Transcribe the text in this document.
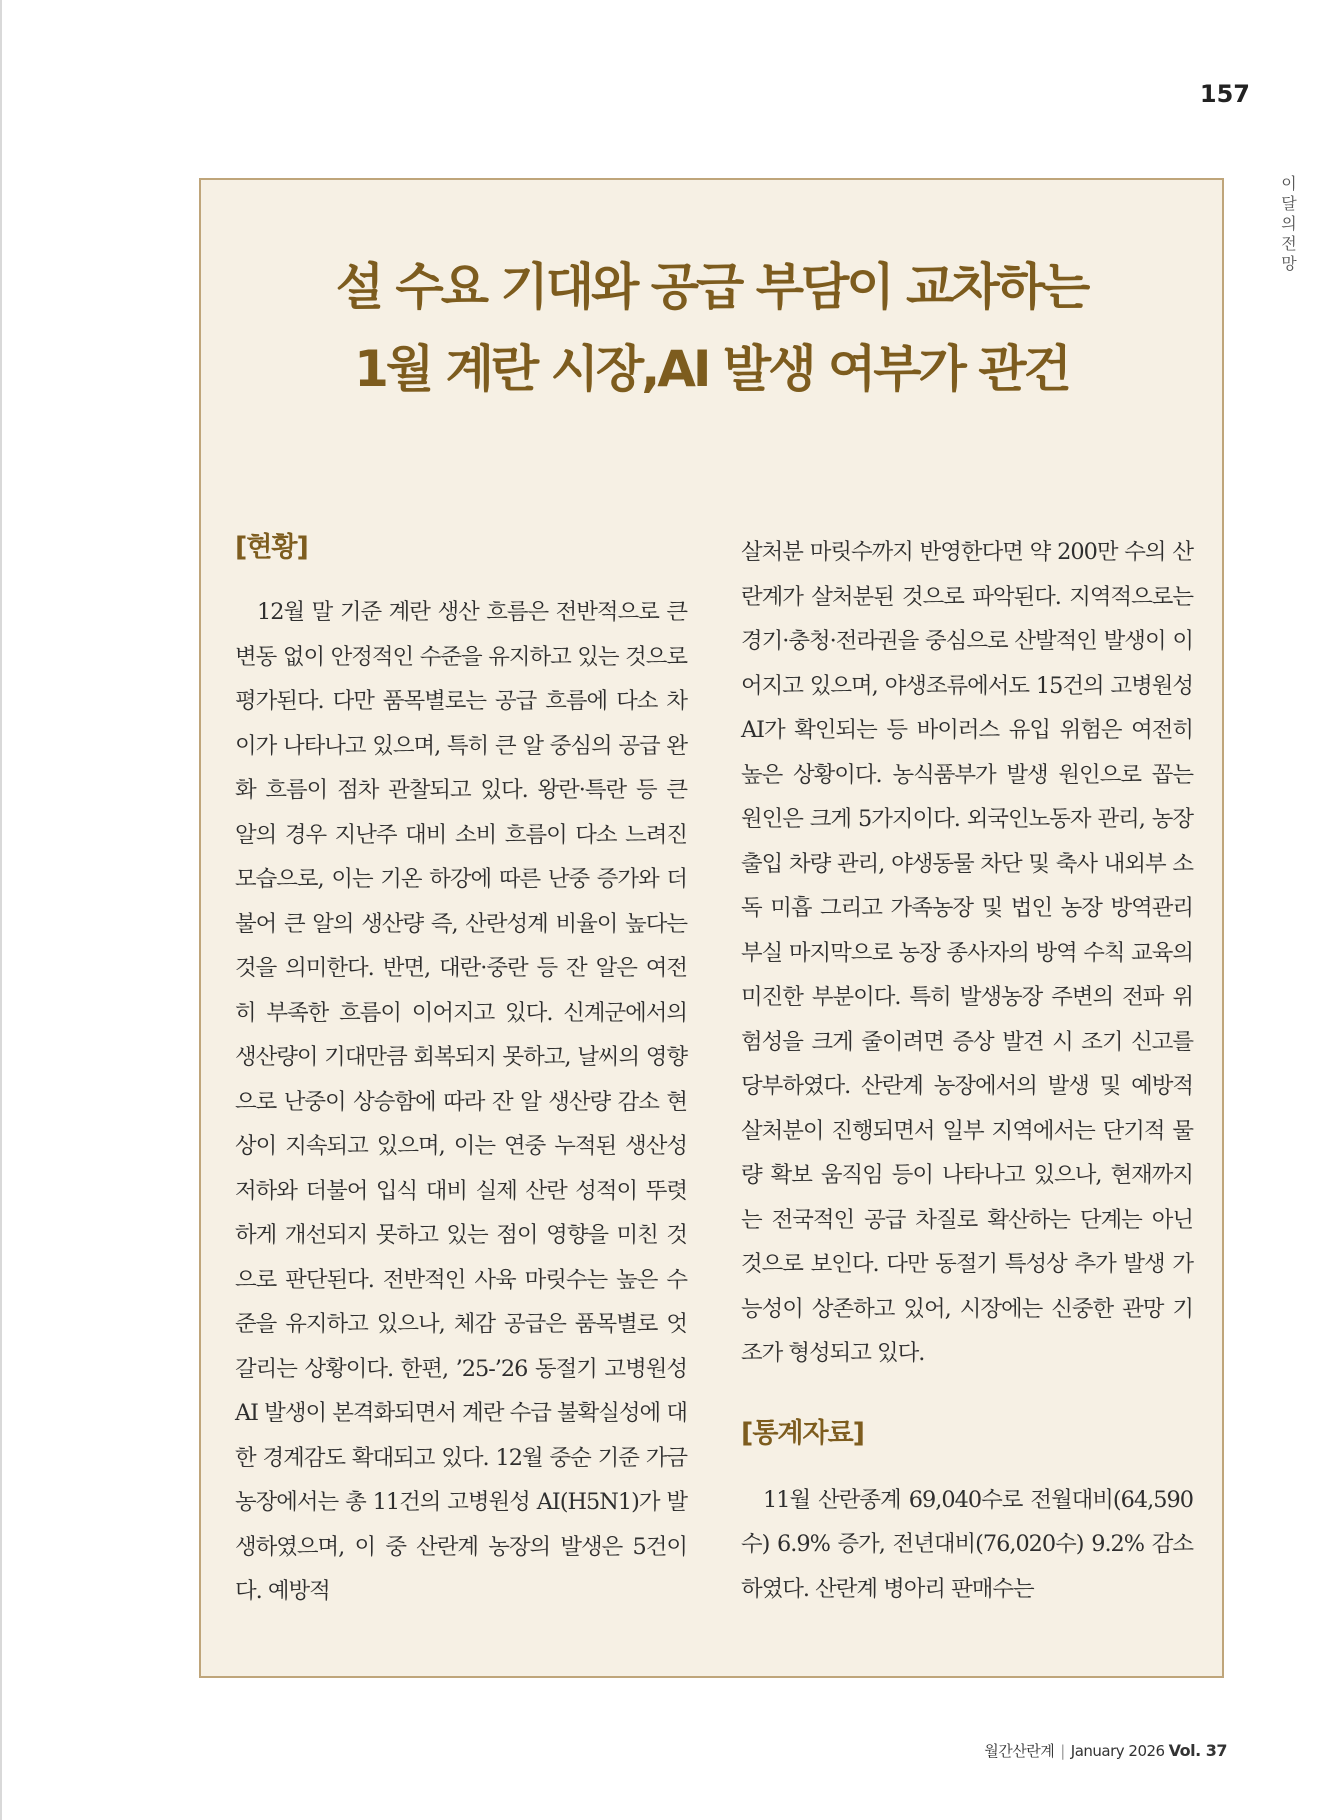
157
이달의 전망
설 수요 기대와 공급 부담이 교차하는
1월 계란 시장,AI 발생 여부가 관건
[현황]

12월 말 기준 계란 생산 흐름은 전반적으로 큰 변동 없이 안정적인 수준을 유지하고 있는 것으로 평가된다. 다만 품목별로는 공급 흐름에 다소 차이가 나타나고 있으며, 특히 큰 알 중심의 공급 완화 흐름이 점차 관찰되고 있다. 왕란·특란 등 큰 알의 경우 지난주 대비 소비 흐름이 다소 느려진 모습으로, 이는 기온 하강에 따른 난중 증가와 더불어 큰 알의 생산량 즉, 산란성계 비율이 높다는 것을 의미한다. 반면, 대란·중란 등 잔 알은 여전히 부족한 흐름이 이어지고 있다. 신계군에서의 생산량이 기대만큼 회복되지 못하고, 날씨의 영향으로 난중이 상승함에 따라 잔 알 생산량 감소 현상이 지속되고 있으며, 이는 연중 누적된 생산성 저하와 더불어 입식 대비 실제 산란 성적이 뚜렷하게 개선되지 못하고 있는 점이 영향을 미친 것으로 판단된다. 전반적인 사육 마릿수는 높은 수준을 유지하고 있으나, 체감 공급은 품목별로 엇갈리는 상황이다. 한편, ’25-’26 동절기 고병원성 AI 발생이 본격화되면서 계란 수급 불확실성에 대한 경계감도 확대되고 있다. 12월 중순 기준 가금농장에서는 총 11건의 고병원성 AI(H5N1)가 발생하였으며, 이 중 산란계 농장의 발생은 5건이다. 예방적

살처분 마릿수까지 반영한다면 약 200만 수의 산란계가 살처분된 것으로 파악된다. 지역적으로는 경기·충청·전라권을 중심으로 산발적인 발생이 이어지고 있으며, 야생조류에서도 15건의 고병원성 AI가 확인되는 등 바이러스 유입 위험은 여전히 높은 상황이다. 농식품부가 발생 원인으로 꼽는 원인은 크게 5가지이다. 외국인노동자 관리, 농장 출입 차량 관리, 야생동물 차단 및 축사 내외부 소독 미흡 그리고 가족농장 및 법인 농장 방역관리 부실 마지막으로 농장 종사자의 방역 수칙 교육의 미진한 부분이다. 특히 발생농장 주변의 전파 위험성을 크게 줄이려면 증상 발견 시 조기 신고를 당부하였다. 산란계 농장에서의 발생 및 예방적 살처분이 진행되면서 일부 지역에서는 단기적 물량 확보 움직임 등이 나타나고 있으나, 현재까지는 전국적인 공급 차질로 확산하는 단계는 아닌 것으로 보인다. 다만 동절기 특성상 추가 발생 가능성이 상존하고 있어, 시장에는 신중한 관망 기조가 형성되고 있다.

[통계자료]

11월 산란종계 69,040수로 전월대비(64,590수) 6.9% 증가, 전년대비(76,020수) 9.2% 감소하였다. 산란계 병아리 판매수는

월간산란계 | January 2026 Vol. 37
